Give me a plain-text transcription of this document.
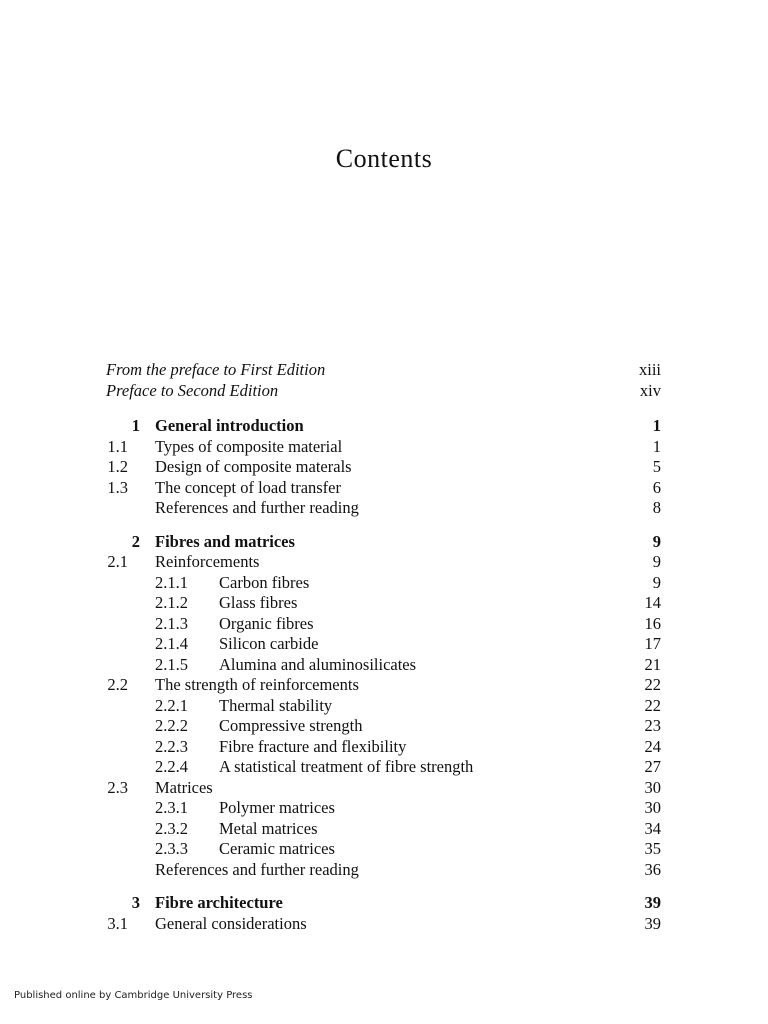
Contents
From the preface to First Edition	xiii
Preface to Second Edition	xiv
1 General introduction	1
1.1 Types of composite material	1
1.2 Design of composite materals	5
1.3 The concept of load transfer	6
References and further reading	8
2 Fibres and matrices	9
2.1 Reinforcements	9
2.1.1 Carbon fibres	9
2.1.2 Glass fibres	14
2.1.3 Organic fibres	16
2.1.4 Silicon carbide	17
2.1.5 Alumina and aluminosilicates	21
2.2 The strength of reinforcements	22
2.2.1 Thermal stability	22
2.2.2 Compressive strength	23
2.2.3 Fibre fracture and flexibility	24
2.2.4 A statistical treatment of fibre strength	27
2.3 Matrices	30
2.3.1 Polymer matrices	30
2.3.2 Metal matrices	34
2.3.3 Ceramic matrices	35
References and further reading	36
3 Fibre architecture	39
3.1 General considerations	39
Published online by Cambridge University Press
